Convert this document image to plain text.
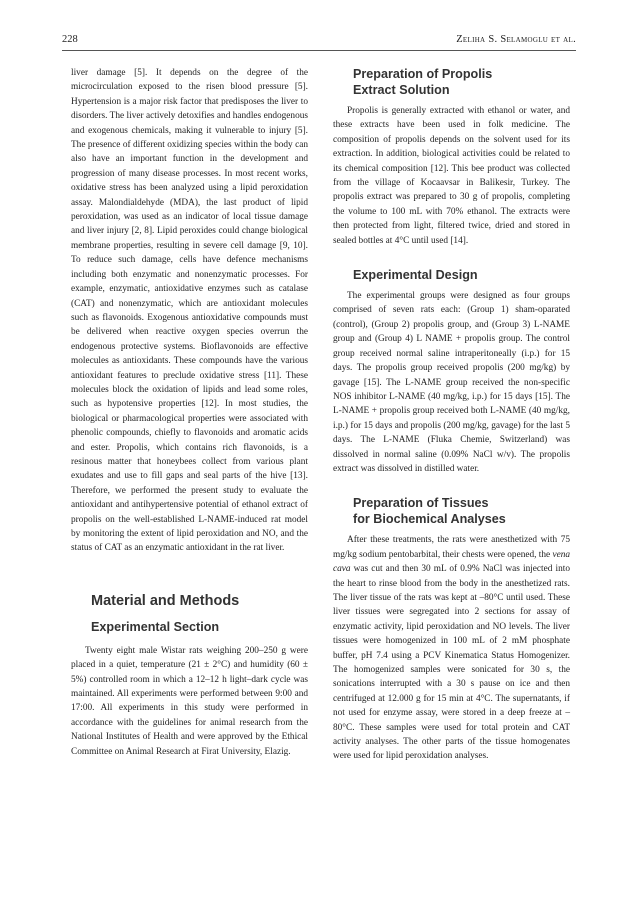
228	Zeliha S. Selamoglu et al.

liver damage [5]. It depends on the degree of the microcirculation exposed to the risen blood pressure [5]. Hypertension is a major risk factor that predisposes the liver to disorders. The liver actively detoxifies and handles endogenous and exogenous chemicals, making it vulnerable to injury [5]. The presence of different oxidizing species within the body can also have an important function in the development and progression of many disease processes. In most recent works, oxidative stress has been analyzed using a lipid peroxidation assay. Malondialdehyde (MDA), the last product of lipid peroxidation, was used as an indicator of local tissue damage and liver injury [2, 8]. Lipid peroxides could change biological membrane properties, resulting in severe cell damage [9, 10]. To reduce such damage, cells have defence mechanisms including both enzymatic and nonenzymatic processes. For example, enzymatic, antioxidative enzymes such as catalase (CAT) and nonenzymatic, which are antioxidant molecules such as flavonoids. Exogenous antioxidative compounds must be delivered when reactive oxygen species overrun the endogenous protective systems. Bioflavonoids are effective molecules as antioxidants. These compounds have the various antioxidant features to preclude oxidative stress [11]. These molecules block the oxidation of lipids and lead some roles, such as hypotensive properties [12]. In most studies, the biological or pharmacological properties were associated with phenolic compounds, chiefly to flavonoids and aromatic acids and ester. Propolis, which contains rich flavonoids, is a resinous matter that honeybees collect from various plant exudates and use to fill gaps and seal parts of the hive [13]. Therefore, we performed the present study to evaluate the antioxidant and antihypertensive potential of ethanol extract of propolis on the well-established L-NAME-induced rat model by monitoring the extent of lipid peroxidation and NO, and the status of CAT as an enzymatic antioxidant in the rat liver.

Material and Methods
Experimental Section

Twenty eight male Wistar rats weighing 200–250 g were placed in a quiet, temperature (21 ± 2°C) and humidity (60 ± 5%) controlled room in which a 12–12 h light–dark cycle was maintained. All experiments were performed between 9:00 and 17:00. All experiments in this study were performed in accordance with the guidelines for animal research from the National Institutes of Health and were approved by the Ethical Committee on Animal Research at Firat University, Elazig.

Preparation of Propolis
Extract Solution

Propolis is generally extracted with ethanol or water, and these extracts have been used in folk medicine. The composition of propolis depends on the solvent used for its extraction. In addition, biological activities could be related to its chemical composition [12]. This bee product was collected from the village of Kocaavsar in Balikesir, Turkey. The propolis extract was prepared to 30 g of propolis, completing the volume to 100 mL with 70% ethanol. The extracts were then protected from light, filtered twice, dried and stored in sealed bottles at 4°C until used [14].

Experimental Design

The experimental groups were designed as four groups comprised of seven rats each: (Group 1) sham-oparated (control), (Group 2) propolis group, and (Group 3) L-NAME group and (Group 4) L NAME + propolis group. The control group received normal saline intraperitoneally (i.p.) for 15 days. The propolis group received propolis (200 mg/kg) by gavage [15]. The L-NAME group received the non-specific NOS inhibitor L-NAME (40 mg/kg, i.p.) for 15 days [15]. The L-NAME + propolis group received both L-NAME (40 mg/kg, i.p.) for 15 days and propolis (200 mg/kg, gavage) for the last 5 days. The L-NAME (Fluka Chemie, Switzerland) was dissolved in normal saline (0.09% NaCl w/v). The propolis extract was dissolved in distilled water.

Preparation of Tissues
for Biochemical Analyses

After these treatments, the rats were anesthetized with 75 mg/kg sodium pentobarbital, their chests were opened, the vena cava was cut and then 30 mL of 0.9% NaCl was injected into the heart to rinse blood from the body in the anesthetized rats. The liver tissue of the rats was kept at –80°C until used. These liver tissues were segregated into 2 sections for assay of enzymatic activity, lipid peroxidation and NO levels. The liver tissues were homogenized in 100 mL of 2 mM phosphate buffer, pH 7.4 using a PCV Kinematica Status Homogenizer. The homogenized samples were sonicated for 30 s, the sonications interrupted with a 30 s pause on ice and then centrifuged at 12.000 g for 15 min at 4°C. The supernatants, if not used for enzyme assay, were stored in a deep freeze at –80°C. These samples were used for total protein and CAT activity analyses. The other parts of the tissue homogenates were used for lipid peroxidation analyses.
